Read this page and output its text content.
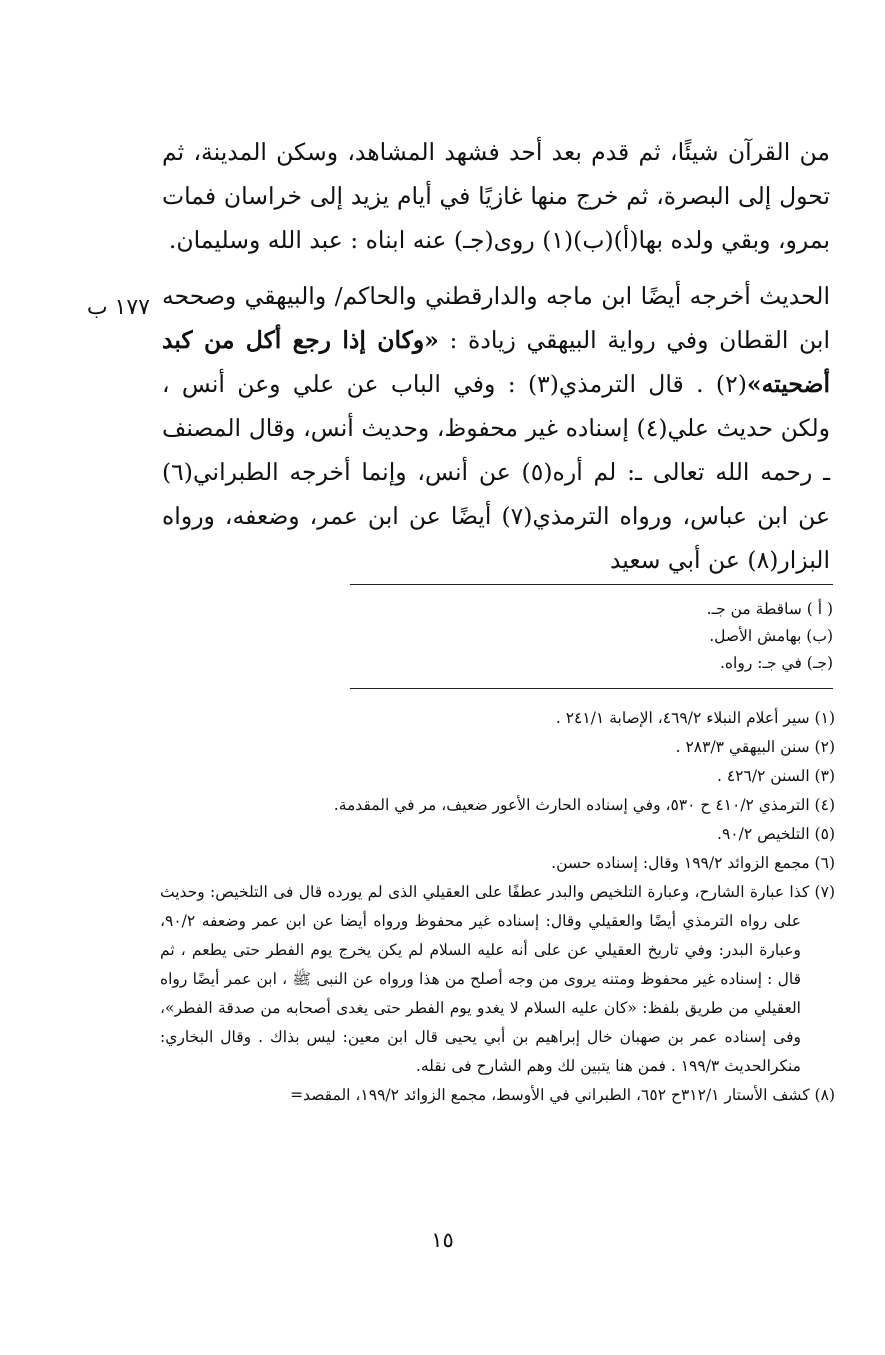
من القرآن شيئًا، ثم قدم بعد أحد فشهد المشاهد، وسكن المدينة، ثم تحول إلى البصرة، ثم خرج منها غازيًا في أيام يزيد إلى خراسان فمات بمرو، وبقي ولده بها(أ)(ب)(١) روى(جـ) عنه ابناه : عبد الله وسليمان.

الحديث أخرجه أيضًا ابن ماجه والدارقطني والحاكم/ والبيهقي وصححه ابن القطان وفي رواية البيهقي زيادة : «وكان إذا رجع أكل من كبد أضحيته»(٢) . قال الترمذي(٣) : وفي الباب عن علي وعن أنس ، ولكن حديث علي(٤) إسناده غير محفوظ، وحديث أنس، وقال المصنف ـ رحمه الله تعالى ـ: لم أره(٥) عن أنس، وإنما أخرجه الطبراني(٦) عن ابن عباس، ورواه الترمذي(٧) أيضًا عن ابن عمر، وضعفه، ورواه البزار(٨) عن أبي سعيد

١٧٧ ب
( أ ) ساقطة من جـ.
(ب) بهامش الأصل.
(جـ) في جـ: رواه.

(١) سير أعلام النبلاء ٤٦٩/٢، الإصابة ٢٤١/١ .

(٢) سنن البيهقي ٢٨٣/٣ .

(٣) السنن ٤٢٦/٢ .

(٤) الترمذي ٤١٠/٢ ح ٥٣٠، وفي إسناده الحارث الأعور ضعيف، مر في المقدمة.

(٥) التلخيص ٩٠/٢.

(٦) مجمع الزوائد ١٩٩/٢ وقال: إسناده حسن.

(٧) كذا عبارة الشارح، وعبارة التلخيص والبدر عطفًا على العقيلي الذى لم يورده قال فى التلخيص: وحديث على رواه الترمذي أيضًا والعقيلي وقال: إسناده غير محفوظ ورواه أيضا عن ابن عمر وضعفه ٩٠/٢، وعبارة البدر: وفي تاريخ العقيلي عن على أنه عليه السلام لم يكن يخرج يوم الفطر حتى يطعم ، ثم قال : إسناده غير محفوظ ومتنه يروى من وجه أصلح من هذا ورواه عن النبى ﷺ ، ابن عمر أيضًا رواه العقيلي من طريق بلفظ: «كان عليه السلام لا يغدو يوم الفطر حتى يغدى أصحابه من صدقة الفطر»، وفى إسناده عمر بن صهبان خال إبراهيم بن أبي يحيى قال ابن معين: ليس بذاك . وقال البخاري: منكرالحديث ١٩٩/٣ . فمن هنا يتبين لك وهم الشارح فى نقله.

(٨) كشف الأستار ٣١٢/١ح ٦٥٢، الطبراني في الأوسط، مجمع الزوائد ١٩٩/٢، المقصد=

١٥
